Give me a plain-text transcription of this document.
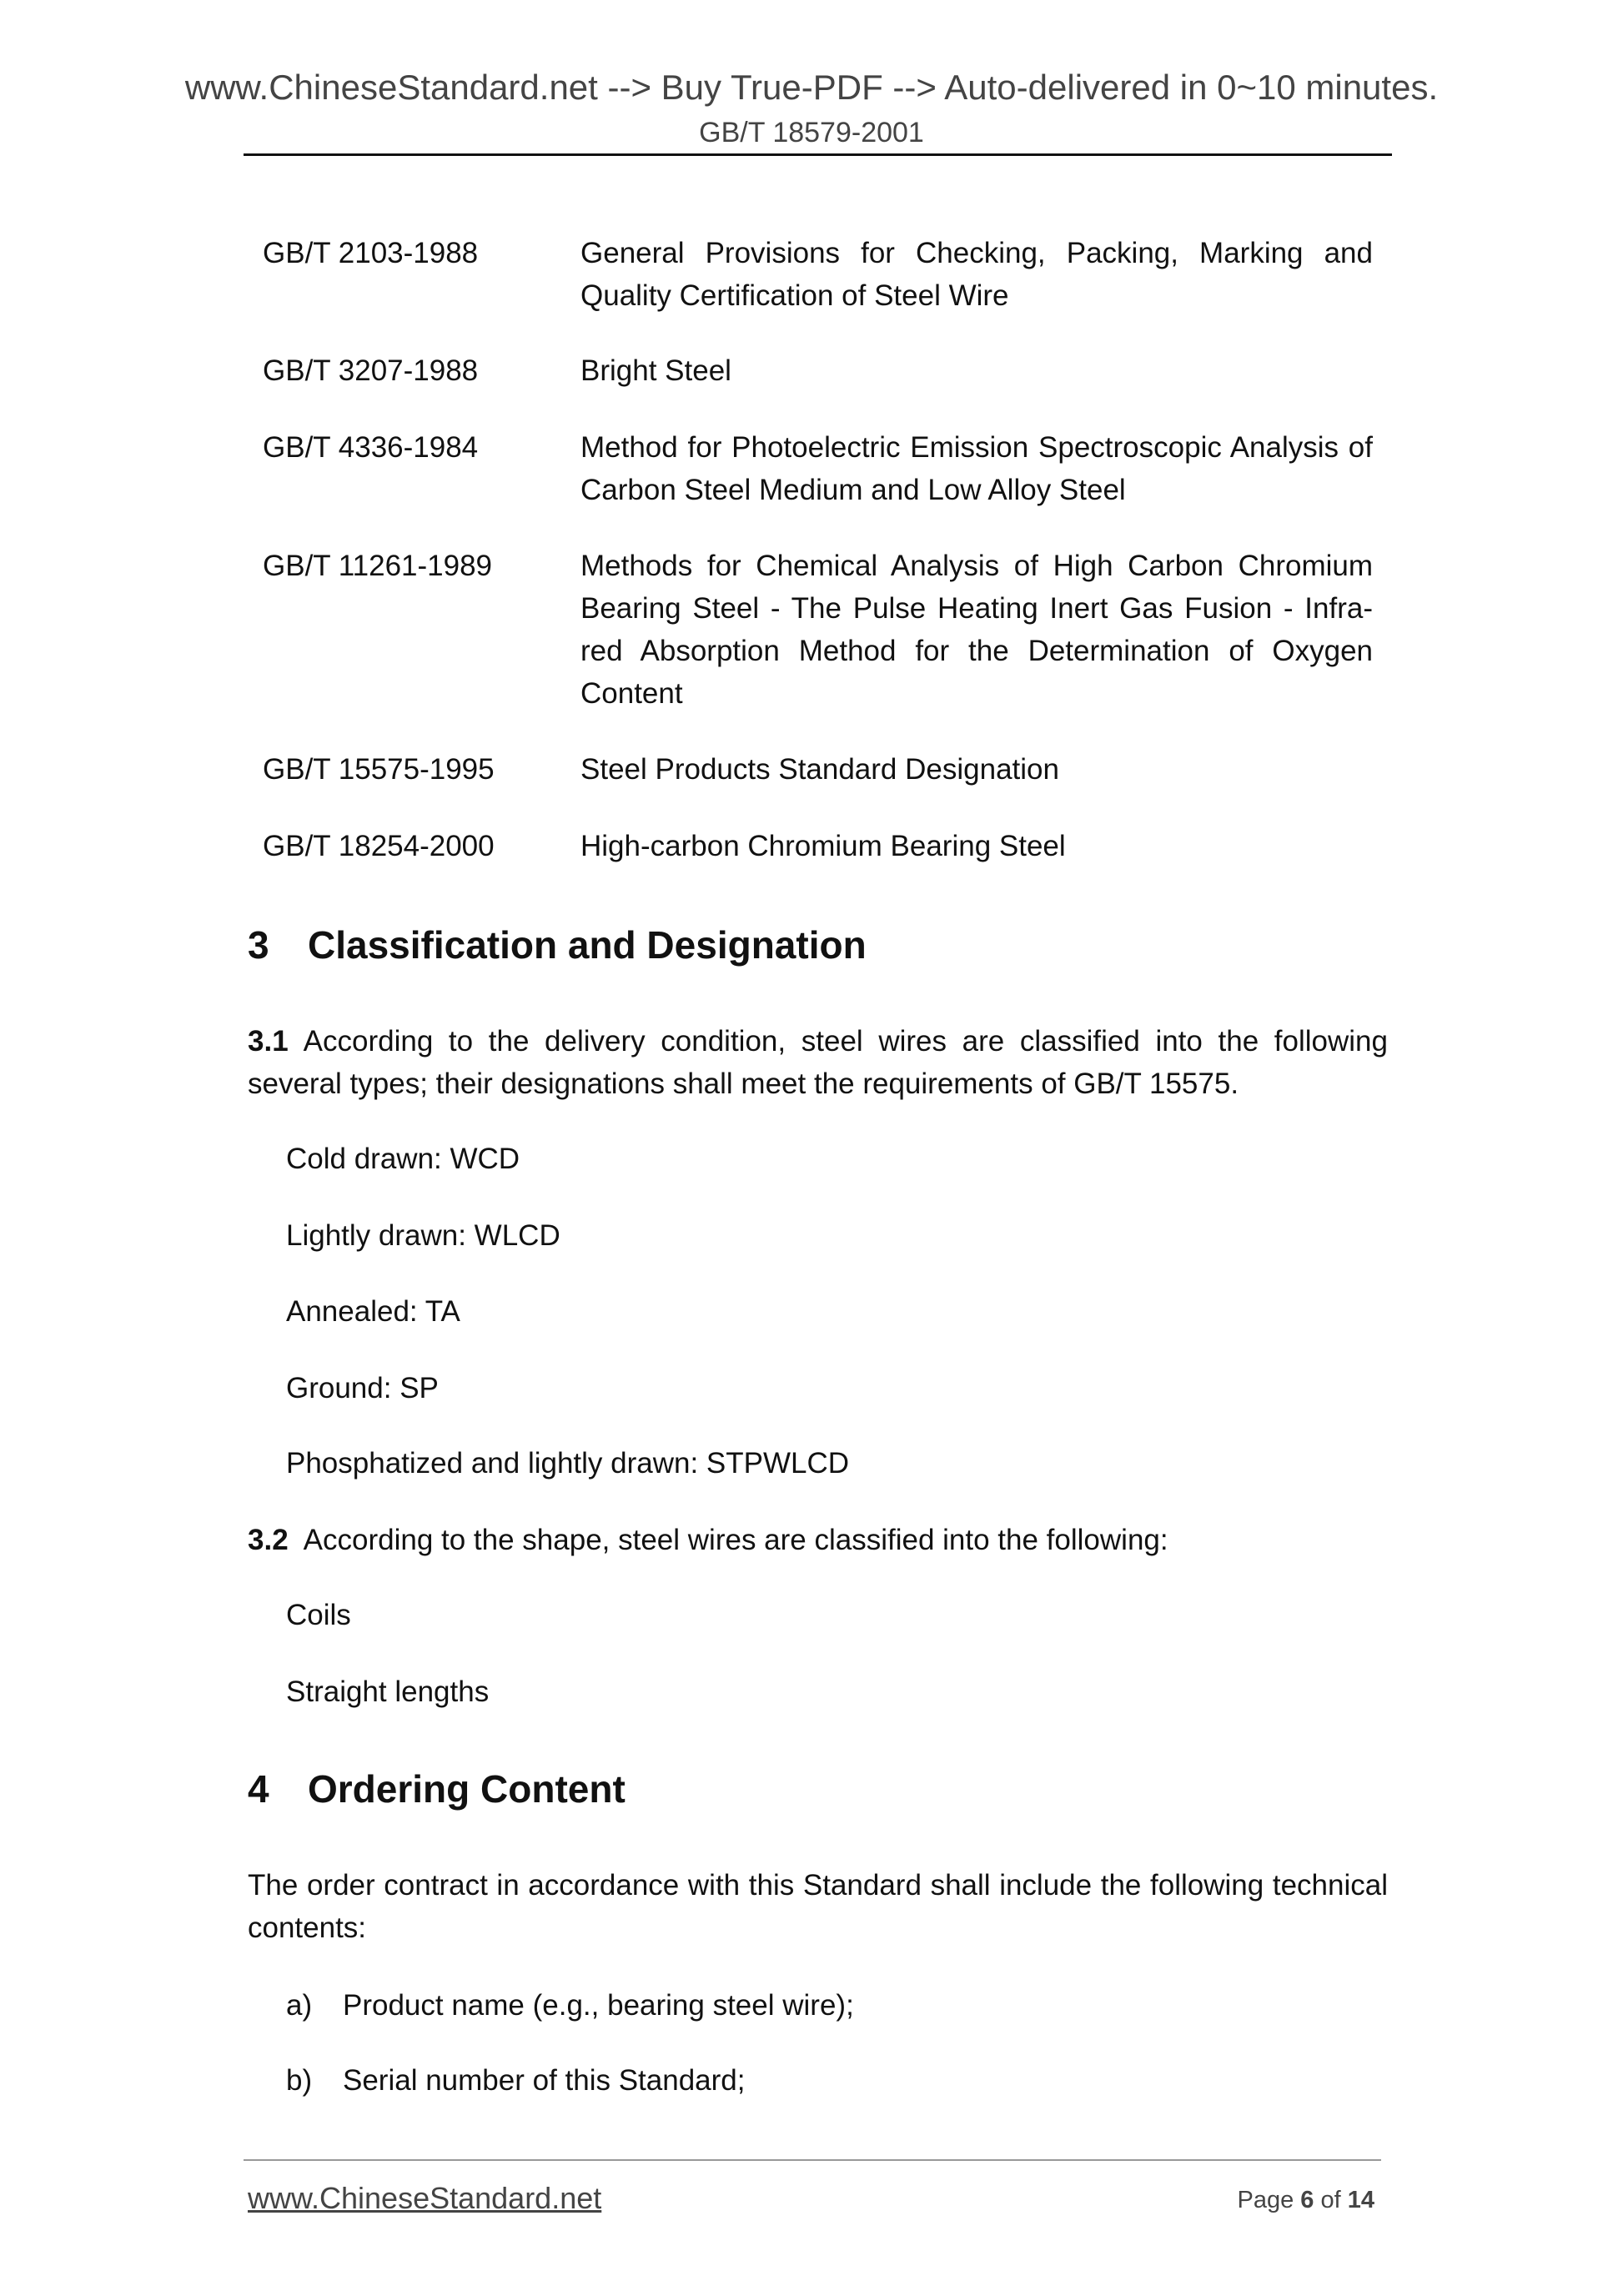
www.ChineseStandard.net --> Buy True-PDF --> Auto-delivered in 0~10 minutes.
GB/T 18579-2001
GB/T 2103-1988	General Provisions for Checking, Packing, Marking and Quality Certification of Steel Wire
GB/T 3207-1988	Bright Steel
GB/T 4336-1984	Method for Photoelectric Emission Spectroscopic Analysis of Carbon Steel Medium and Low Alloy Steel
GB/T 11261-1989	Methods for Chemical Analysis of High Carbon Chromium Bearing Steel - The Pulse Heating Inert Gas Fusion - Infra-red Absorption Method for the Determination of Oxygen Content
GB/T 15575-1995	Steel Products Standard Designation
GB/T 18254-2000	High-carbon Chromium Bearing Steel
3 Classification and Designation
3.1 According to the delivery condition, steel wires are classified into the following several types; their designations shall meet the requirements of GB/T 15575.
Cold drawn: WCD
Lightly drawn: WLCD
Annealed: TA
Ground: SP
Phosphatized and lightly drawn: STPWLCD
3.2 According to the shape, steel wires are classified into the following:
Coils
Straight lengths
4 Ordering Content
The order contract in accordance with this Standard shall include the following technical contents:
a) Product name (e.g., bearing steel wire);
b) Serial number of this Standard;
www.ChineseStandard.net	Page 6 of 14
